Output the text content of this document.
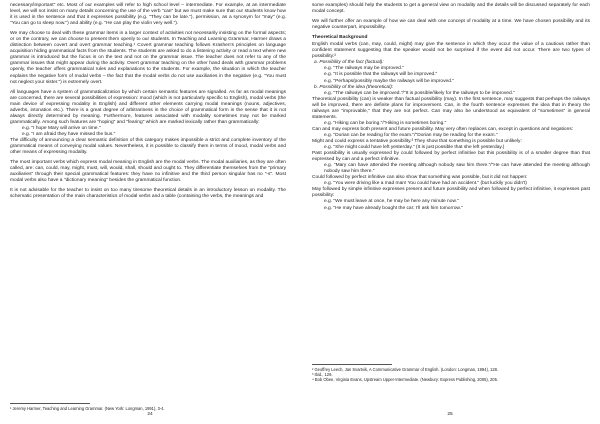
necessary/important" etc. Most of our examples will refer to high school level – intermediate. For example, at an intermediate level, we will not insist on many details concerning the use of the verb "can" but we must make sure that our students know how it is used in the sentence and that it expresses possibility (e.g. "They can be late."), permission, as a synonym for "may" (e.g. "You can go to sleep now.") and ability (e.g. "He can play the violin very well.").

We may choose to deal with these grammar items in a larger context of activities not necessarily insisting on the formal aspects; or on the contrary, we can choose to present them openly to our students. In Teaching and Learning Grammar, Harmer draws a distinction between covert and overt grammar teaching.¹ Covert grammar teaching follows Krashen's principles on language acquisition hiding grammatical facts from the students. The students are asked to do a listening activity or read a text where new grammar is introduced but the focus is on the text and not on the grammar issue. The teacher does not refer to any of the grammar issues that might appear during the activity. Overt grammar teaching on the other hand deals with grammar problems openly, the teacher offers grammatical rules and explanations to the students. For example, the situation in which the teacher explains the negative form of modal verbs – the fact that the modal verbs do not use auxiliaries in the negative (e.g. "You must not neglect your sister.") is extremely overt.

All languages have a system of grammaticalization by which certain semantic features are signalled. As far as modal meanings are concerned, there are several possibilities of expression: mood (which is not particularly specific to English), modal verbs (the main device of expressing modality in English) and different other elements carrying modal meanings (nouns, adjectives, adverbs, intonation etc.). There is a great degree of arbitrariness in the choice of grammatical form in the sense that it is not always directly determined by meaning. Furthermore, features associated with modality sometimes may not be marked grammatically. Among such features are "hoping" and "fearing" which are marked lexically rather than grammatically:

e.g. "I hope Mary will arrive on time."

e.g. "I am afraid they have missed the bus."

The difficulty of announcing a clear semantic definition of this category makes impossible a strict and complete inventory of the grammatical means of conveying modal values. Nevertheless, it is possible to classify them in terms of mood, modal verbs and other means of expressing modality.

The most important verbs which express modal meaning in English are the modal verbs. The modal auxiliaries, as they are often called, are: can, could, may, might, must, will, would, shall, should and ought to. They differentiate themselves from the "primary auxiliaries" through their special grammatical features: they have no infinitive and the third person singular has no "-s". Most modal verbs also have a "dictionary meaning" besides the grammatical function.

It is not advisable for the teacher to insist on too many tiresome theoretical details in an introductory lesson on modality. The schematic presentation of the main characteristics of modal verbs and a table (containing the verbs, the meanings and

¹ Jeremy Harmer, Teaching and Learning Grammar. (New York: Longman, 1991), 3-4.

24

some examples) should help the students to get a general view on modality and the details will be discussed separately for each modal concept.

We will further offer an example of how we can deal with one concept of modality at a time. We have chosen possibility and its negative counterpart, impossibility.

Theoretical Background

English modal verbs (can, may, could, might) may give the sentence in which they occur the value of a cautious rather than confident statement suggesting that the speaker would not be surprised if the event did not occur. There are two types of possibility:²

a. Possibility of the fact (factual):

e.g. "The railways may be improved."

e.g. "It is possible that the railways will be improved."

e.g. "Perhaps/possibly maybe the railways will be improved."

b. Possibility of the idea (theoretical):

e.g. "The railways can be improved."/"It is possible/likely for the railways to be improved."

Theoretical possibility (can) is weaker than factual possibility (may). In the first sentence, may suggests that perhaps the railways will be improved, there are definite plans for improvement. Can, in the fourth sentence expresses the idea that in theory the railways are "improvable," that they are not perfect. Can may also be understood as equivalent of "sometimes" in general statements.

e.g. "Hiking can be boring."/"Hiking is sometimes boring."

Can and may express both present and future possibility. May very often replaces can, except in questions and negations:

e.g. "Dorian can be reading for the exam."/"Dorian may be reading for the exam."

Might and could express a tentative possibility.³ They show that something is possible but unlikely:

e.g. "She might could have left yesterday." (It is just possible that she left yesterday.)

Past possibility is usually expressed by could followed by perfect infinitive but this possibility is of a smaller degree than that expressed by can and a perfect infinitive.

e.g. "Mary can have attended the meeting although nobody saw him there."/"He can have attended the meeting although nobody saw him there."

Could followed by perfect infinitive can also show that something was possible, but it did not happen:

e.g. "You were driving like a mad man! You could have had an accident." (but luckily you didn't)

May followed by simple infinitive expresses present and future possibility and when followed by perfect infinitive, it expresses past possibility:

e.g. "We must leave at once, he may be here any minute now."

e.g. "He may have already bought the car; I'll ask him tomorrow."

² Geoffrey Leech, Jan Svartvik, A Communicative Grammar of English. (London: Longman, 1994), 128.

³ Ibid., 129.

⁴ Bob Obee, Virginia Evans, Upstream Upper-Intermediate. (Newbury: Express Publishing, 2005), 205.

25
